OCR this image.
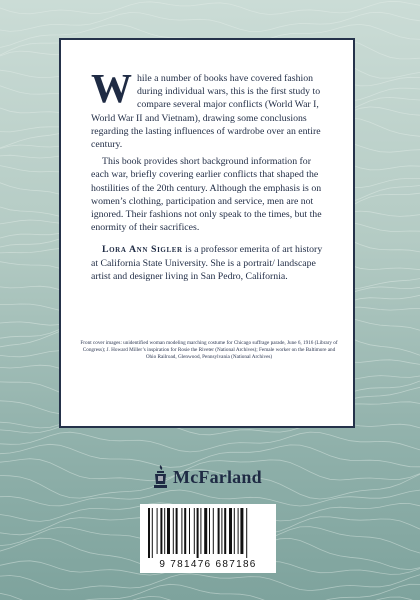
While a number of books have covered fashion during individual wars, this is the first study to compare several major conflicts (World War I, World War II and Vietnam), drawing some conclusions regarding the lasting influences of wardrobe over an entire century.

This book provides short background information for each war, briefly covering earlier conflicts that shaped the hostilities of the 20th century. Although the emphasis is on women’s clothing, participation and service, men are not ignored. Their fashions not only speak to the times, but the enormity of their sacrifices.

Lora Ann Sigler is a professor emerita of art history at California State University. She is a portrait/ landscape artist and designer living in San Pedro, California.

Front cover images: unidentified woman modeling marching costume for Chicago suffrage parade, June 6, 1916 (Library of Congress); J. Howard Miller’s inspiration for Rosie the Riveter (National Archives); Female worker on the Baltimore and Ohio Railroad, Glenwood, Pennsylvania (National Archives)

McFarland
9 781476 687186
